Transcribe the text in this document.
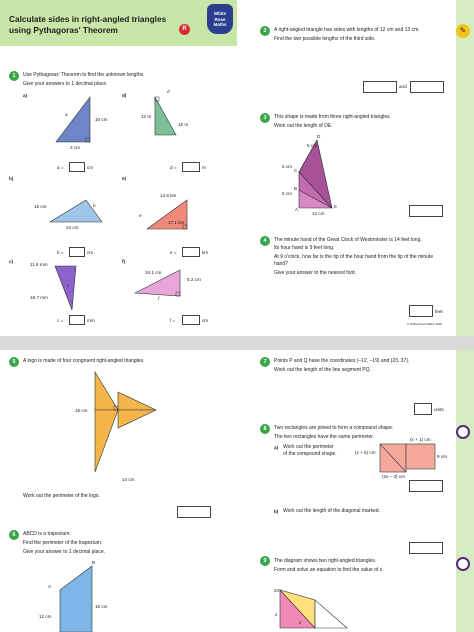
Calculate sides in right-angled triangles using Pythagoras' Theorem	R
White
Rose
Maths
1	Use Pythagoras' Theorem to find the unknown lengths.
Give your answers to 1 decimal place.
a)
10 cm
3 cm
a
a =	cm
d)
12 m
15 m
d
d =	m
b)
15 cm
24 cm
b
b =	cm
e)
12.6 km
17.1 km
e
e =	km
c)
11.6 mm
19.7 mm
c
c =	mm
f)
34.1 cm
5.2 cm
f
f =	cm
2	A right-angled triangle has sides with lengths of 12 cm and 13 cm.
Find the two possible lengths of the third side.
and
3	This shape is made from three right-angled triangles.
Work out the length of DE.
5 cm
5 cm
5 cm
12 cm
A
B
C
D
E
4	The minute hand of the Great Clock of Westminster is 14 feet long.
Its hour hand is 9 feet long.
At 9 o'clock, how far is the tip of the hour hand from the tip of the minute hand?
Give your answer to the nearest foot.
feet
© White Rose Maths 2022
✎
5	A logo is made of four congruent right-angled triangles.
16 cm
14 cm
Work out the perimeter of the logo.
6	ABCD is a trapezium.
Find the perimeter of the trapezium.
Give your answer to 1 decimal place.
A
B
12 cm
15 cm
7	Points P and Q have the coordinates (–12, –19) and (23, 37).
Work out the length of the line segment PQ.
units
8	Two rectangles are joined to form a compound shape.
The two rectangles have the same perimeter.
a) Work out the perimeter of the compound shape.
(x + 1) cm
(x + 6) cm
9 cm
(2x – 3) cm
b) Work out the length of the diagonal marked.
9	The diagram shows two right-angled triangles.
Form and solve an equation to find the value of z.
24
z
z
